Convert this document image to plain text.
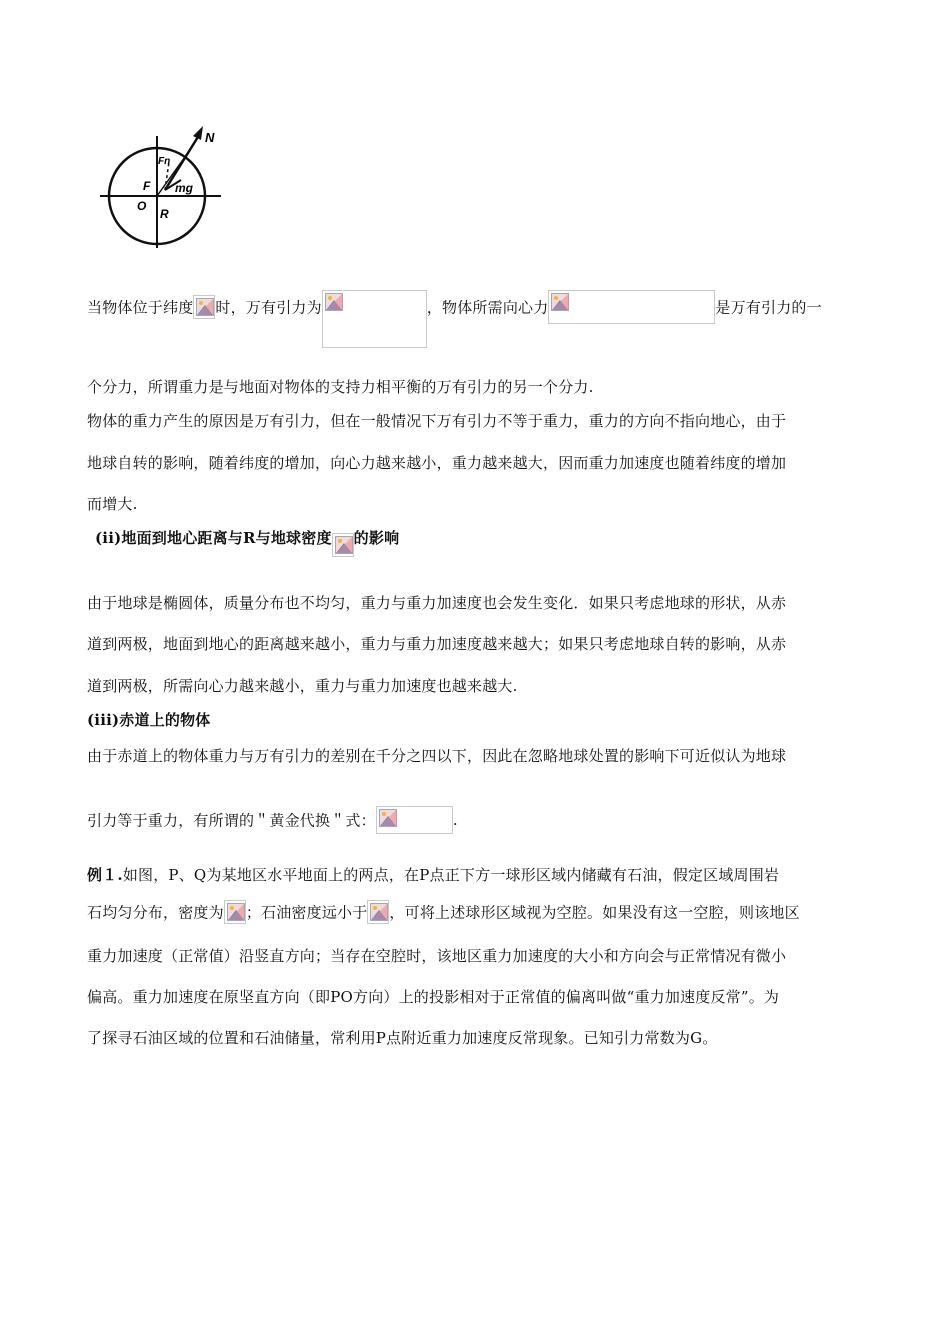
N
Fn
F mg
O
R
当物体位于纬度 时，万有引力为	，物体所需向心力	是万有引力的一
个分力，所谓重力是与地面对物体的支持力相平衡的万有引力的另一个分力.
物体的重力产生的原因是万有引力，但在一般情况下万有引力不等于重力，重力的方向不指向地心，由于
地球自转的影响，随着纬度的增加，向心力越来越小，重力越来越大，因而重力加速度也随着纬度的增加
而增大.
(ii)地面到地心距离与R与地球密度 的影响
由于地球是椭圆体，质量分布也不均匀，重力与重力加速度也会发生变化．如果只考虑地球的形状，从赤
道到两极，地面到地心的距离越来越小，重力与重力加速度越来越大；如果只考虑地球自转的影响，从赤
道到两极，所需向心力越来越小，重力与重力加速度也越来越大.
(iii)赤道上的物体
由于赤道上的物体重力与万有引力的差别在千分之四以下，因此在忽略地球处置的影响下可近似认为地球
引力等于重力，有所谓的＂黄金代换＂式：	.
例１.如图，P、Q为某地区水平地面上的两点，在P点正下方一球形区域内储藏有石油，假定区域周围岩
石均匀分布，密度为 ；石油密度远小于 ，可将上述球形区域视为空腔。如果没有这一空腔，则该地区
重力加速度（正常值）沿竖直方向；当存在空腔时，该地区重力加速度的大小和方向会与正常情况有微小
偏高。重力加速度在原坚直方向（即PO方向）上的投影相对于正常值的偏离叫做“重力加速度反常”。为
了探寻石油区域的位置和石油储量，常利用P点附近重力加速度反常现象。已知引力常数为G。
